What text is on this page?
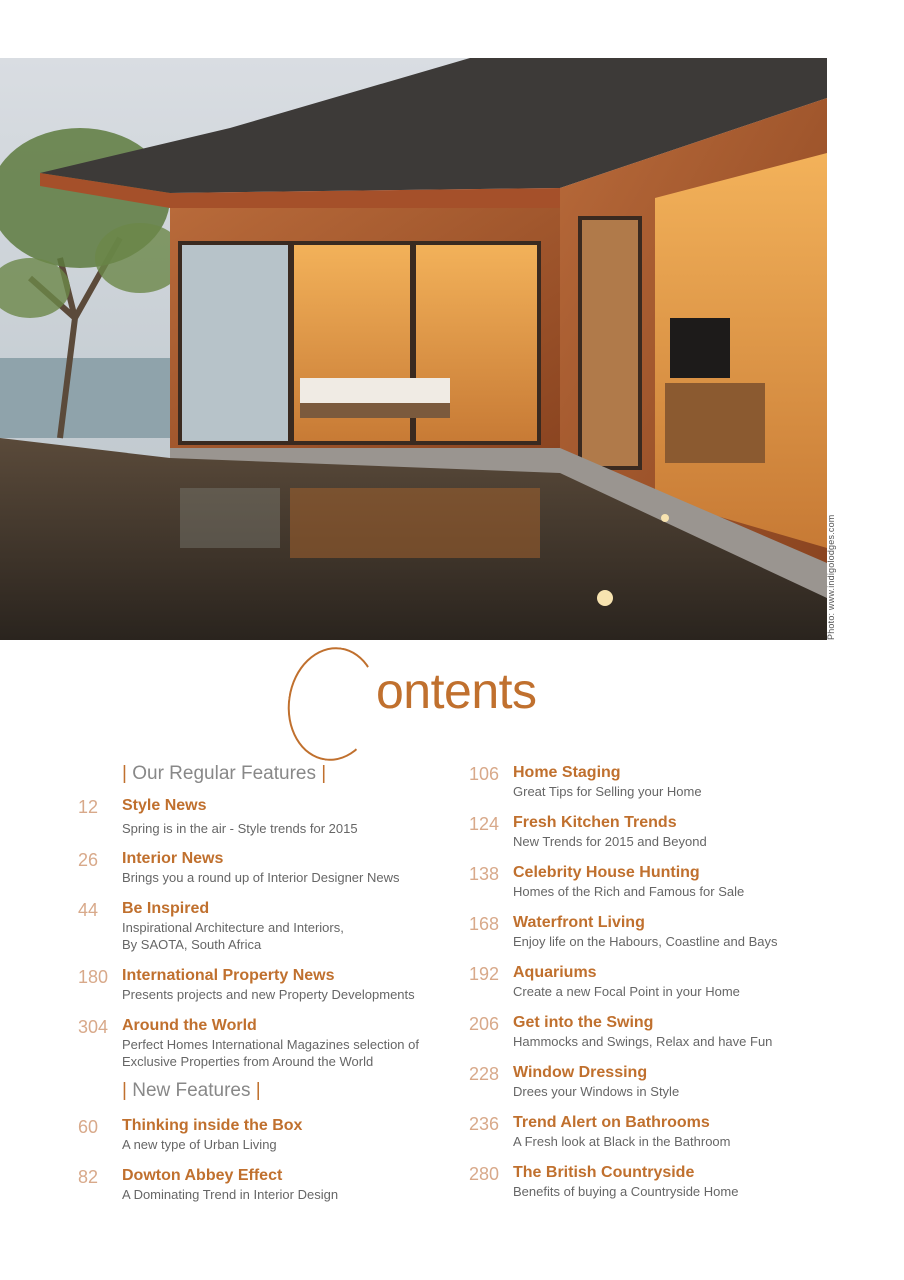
Photo: www.indigolodges.com
ontents
| Our Regular Features |
12	Style News
Spring is in the air - Style trends for 2015
26	Interior News
Brings you a round up of Interior Designer News
44	Be Inspired
Inspirational Architecture and Interiors,
By SAOTA, South Africa
180 International Property News
Presents projects and new Property Developments
304 Around the World
Perfect Homes International Magazines selection of
Exclusive Properties from Around the World
| New Features |
60	Thinking inside the Box
A new type of Urban Living
82	Dowton Abbey Effect
A Dominating Trend in Interior Design
106 Home Staging
Great Tips for Selling your Home
124 Fresh Kitchen Trends
New Trends for 2015 and Beyond
138 Celebrity House Hunting
Homes of the Rich and Famous for Sale
168 Waterfront Living
Enjoy life on the Habours, Coastline and Bays
192 Aquariums
Create a new Focal Point in your Home
206 Get into the Swing
Hammocks and Swings, Relax and have Fun
228 Window Dressing
Drees your Windows in Style
236 Trend Alert on Bathrooms
A Fresh look at Black in the Bathroom
280 The British Countryside
Benefits of buying a Countryside Home
